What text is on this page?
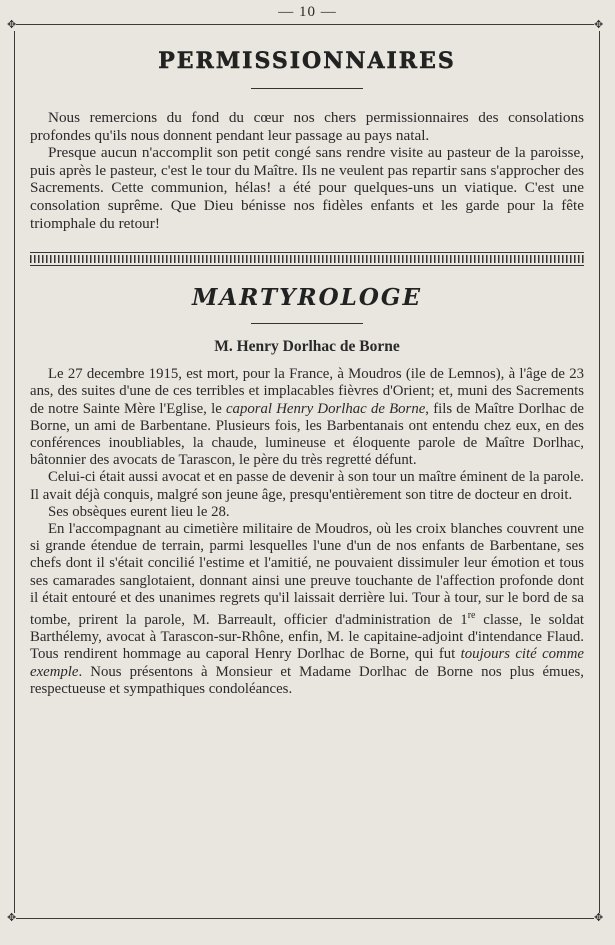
— 10 —
✥	✥
✥	✥
PERMISSIONNAIRES

Nous remercions du fond du cœur nos chers permissionnaires des consolations profondes qu'ils nous donnent pendant leur passage au pays natal.

Presque aucun n'accomplit son petit congé sans rendre visite au pasteur de la paroisse, puis après le pasteur, c'est le tour du Maître. Ils ne veulent pas repartir sans s'approcher des Sacrements. Cette communion, hélas! a été pour quelques-uns un viatique. C'est une consolation suprême. Que Dieu bénisse nos fidèles enfants et les garde pour la fête triomphale du retour!

MARTYROLOGE
M. Henry Dorlhac de Borne

Le 27 decembre 1915, est mort, pour la France, à Moudros (ile de Lemnos), à l'âge de 23 ans, des suites d'une de ces terribles et implacables fièvres d'Orient; et, muni des Sacrements de notre Sainte Mère l'Eglise, le caporal Henry Dorlhac de Borne, fils de Maître Dorlhac de Borne, un ami de Barbentane. Plusieurs fois, les Barbentanais ont entendu chez eux, en des conférences inoubliables, la chaude, lumineuse et éloquente parole de Maître Dorlhac, bâtonnier des avocats de Tarascon, le père du très regretté défunt.

Celui-ci était aussi avocat et en passe de devenir à son tour un maître éminent de la parole. Il avait déjà conquis, malgré son jeune âge, presqu'entièrement son titre de docteur en droit.

Ses obsèques eurent lieu le 28.

En l'accompagnant au cimetière militaire de Moudros, où les croix blanches couvrent une si grande étendue de terrain, parmi lesquelles l'une d'un de nos enfants de Barbentane, ses chefs dont il s'était concilié l'estime et l'amitié, ne pouvaient dissimuler leur émotion et tous ses camarades sanglotaient, donnant ainsi une preuve touchante de l'affection profonde dont il était entouré et des unanimes regrets qu'il laissait derrière lui. Tour à tour, sur le bord de sa tombe, prirent la parole, M. Barreault, officier d'administration de 1re classe, le soldat Barthélemy, avocat à Tarascon-sur-Rhône, enfin, M. le capitaine-adjoint d'intendance Flaud. Tous rendirent hommage au caporal Henry Dorlhac de Borne, qui fut toujours cité comme exemple. Nous présentons à Monsieur et Madame Dorlhac de Borne nos plus émues, respectueuse et sympathiques condoléances.
